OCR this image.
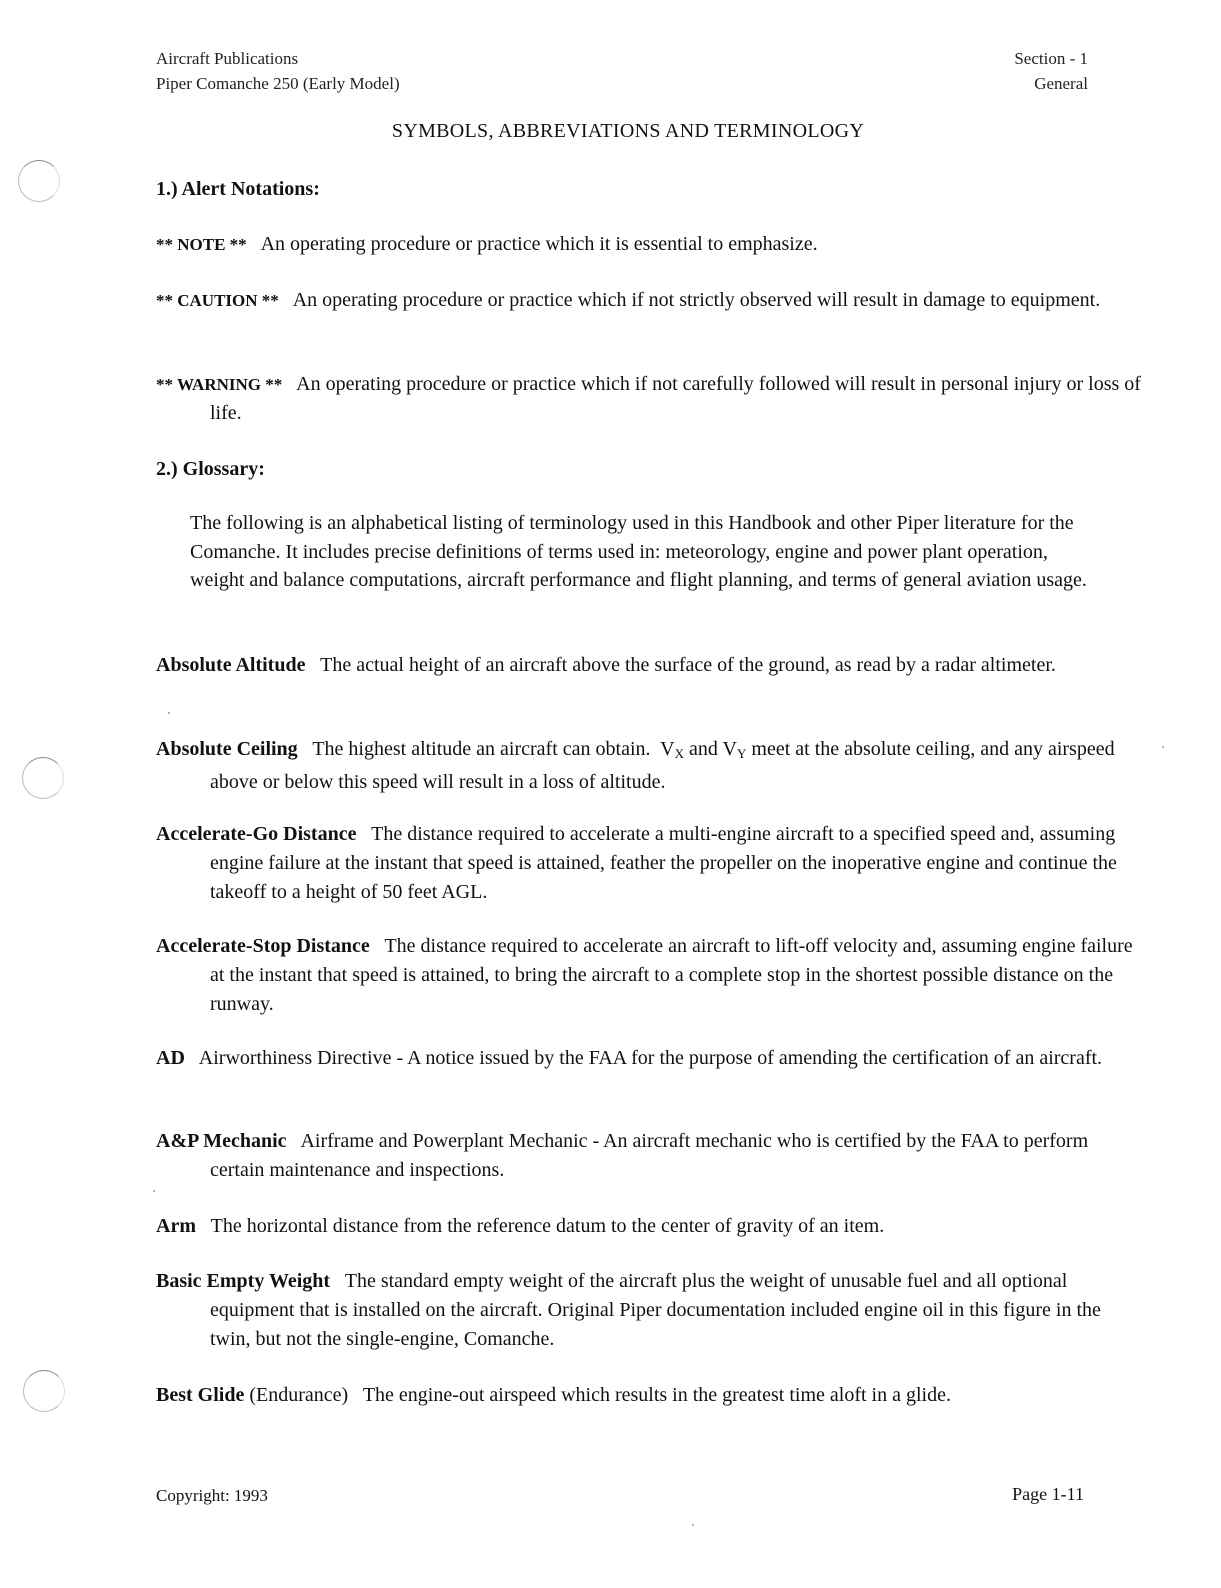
Aircraft Publications
Piper Comanche 250 (Early Model)
Section - 1
General
SYMBOLS, ABBREVIATIONS AND TERMINOLOGY
1.) Alert Notations:
** NOTE ** An operating procedure or practice which it is essential to emphasize.
** CAUTION ** An operating procedure or practice which if not strictly observed will result in damage to equipment.
** WARNING ** An operating procedure or practice which if not carefully followed will result in personal injury or loss of life.
2.) Glossary:
The following is an alphabetical listing of terminology used in this Handbook and other Piper literature for the Comanche. It includes precise definitions of terms used in: meteorology, engine and power plant operation, weight and balance computations, aircraft performance and flight planning, and terms of general aviation usage.
Absolute Altitude The actual height of an aircraft above the surface of the ground, as read by a radar altimeter.
Absolute Ceiling The highest altitude an aircraft can obtain. $V_X$ and $V_Y$ meet at the absolute ceiling, and any airspeed above or below this speed will result in a loss of altitude.
Accelerate-Go Distance The distance required to accelerate a multi-engine aircraft to a specified speed and, assuming engine failure at the instant that speed is attained, feather the propeller on the inoperative engine and continue the takeoff to a height of 50 feet AGL.
Accelerate-Stop Distance The distance required to accelerate an aircraft to lift-off velocity and, assuming engine failure at the instant that speed is attained, to bring the aircraft to a complete stop in the shortest possible distance on the runway.
AD Airworthiness Directive - A notice issued by the FAA for the purpose of amending the certification of an aircraft.
A&P Mechanic Airframe and Powerplant Mechanic - An aircraft mechanic who is certified by the FAA to perform certain maintenance and inspections.
Arm The horizontal distance from the reference datum to the center of gravity of an item.
Basic Empty Weight The standard empty weight of the aircraft plus the weight of unusable fuel and all optional equipment that is installed on the aircraft. Original Piper documentation included engine oil in this figure in the twin, but not the single-engine, Comanche.
Best Glide (Endurance) The engine-out airspeed which results in the greatest time aloft in a glide.
Copyright: 1993	Page 1-11
